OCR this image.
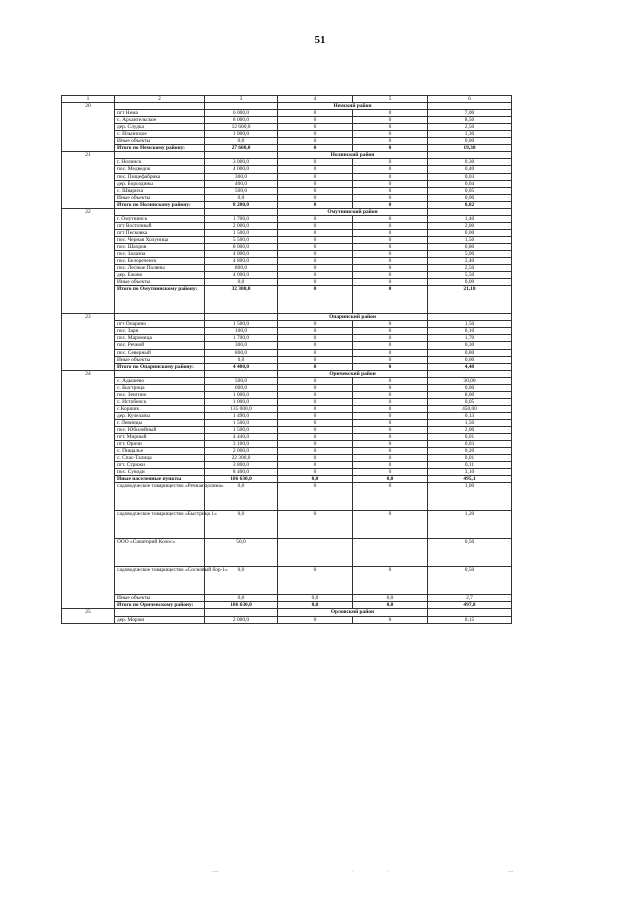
51
1	2	3	4	5	6
20			Немский район		
	пгт Нема	6 000,0	0	0	7,00
	с. Архангельское	8 000,0	0	0	8,50
	дер. Слудка	12 600,0	0	0	2,50
	с. Ильинское	1 000,0	0	0	1,30
	Иные объекты	0,0	0	0	0,00
	Итого по Немскому району:	27 600,0	0	0	19,30
21			Нолинский район		
	г. Нолинск	3 000,0	0	0	0,30
	пос. Медведок	4 000,0	0	0	0,40
	пос. Пищефабрика	300,0	0	0	0,03
	дер. Бороздины	400,0	0	0	0,04
	с. Шварихa	500,0	0	0	0,05
	Иные объекты	0,0	0	0	0,00
	Итого по Нолинскому району:	8 200,0	0	0	0,82
22			Омутнинский район		
	г. Омутнинск	1 700,0	0	0	1,40
	пгт Восточный	2 000,0	0	0	2,00
	пгт Песковка	1 500,0	0	0	0,00
	пос. Черная Холуница	5 500,0	0	0	1,50
	пос. Шахров	8 000,0	0	0	0,80
	пос. Залазна	4 000,0	0	0	5,00
	пос. Белореченск	4 800,0	0	0	2,40
	пос. Лесные Поляны	800,0	0	0	2,50
	дер. Ежово	4 000,0	0	0	5,50
	Иные объекты	0,0	0	0	0,00
	Итого по Омутнинскому району:	32 300,0	0	0	21,10
23			Опаринский район		
	пгт Опарино	1 500,0	0	0	1,50
	пос. Заря	100,0	0	0	0,10
	пос. Маромица	1 700,0	0	0	1,70
	пос. Речной	300,0	0	0	0,30
	пос. Северный	800,0	0	0	0,80
	Иные объекты	0,0	0	0	0,00
	Итого по Опаринскому району:	4 400,0	0	0	4,40
24			Оричевский район		
	с. Адышево	500,0	0	0	30,00
	с. Быстрица	600,0	0	0	0,00
	пос. Зенгино	1 000,0	0	0	8,00
	с. Истобенск	1 000,0	0	0	0,05
	с.Коршик	135 000,0	0	0	450,00
	дер. Кучелапы	1 490,0	0	0	0,13
	г. Левинцы	1 500,0	0	0	1,50
	пос. Юбилейный	1 500,0	0	0	2,00
	пгт. Мирный	4 440,0	0	0	0,01
	пгт. Оричи	3 100,0	0	0	0,03
	с. Пищалье	2 000,0	0	0	0,20
	с. Спас-Талица	22 300,0	0	0	0,01
	пгт. Стрижи	3 800,0	0	0	0,11
	пос. Суводи	8 400,0	0	0	3,10
	Иные населенные пункты	186 630,0	0,0	0,0	495,1
	садоводческое товарищество «Речная долина»	0,0	0	0	1,00
	садоводческое товарищество «Быстрица 1»	0,0	0	0	1,20
	ООО «Санаторий Колос»	50,0			0,50
	садоводческое товарищество «Сосновый бор-1»	0,0	0	0	0,50
	Иные объекты	0,0	0,0	0,0	2,7
	Итого по Оричевскому району:	186 630,0	0,0	0,0	497,8
25			Орловский район		
	дер. Моржи	2 000,0	0	0	0,15
–·–	·	·	-·-
